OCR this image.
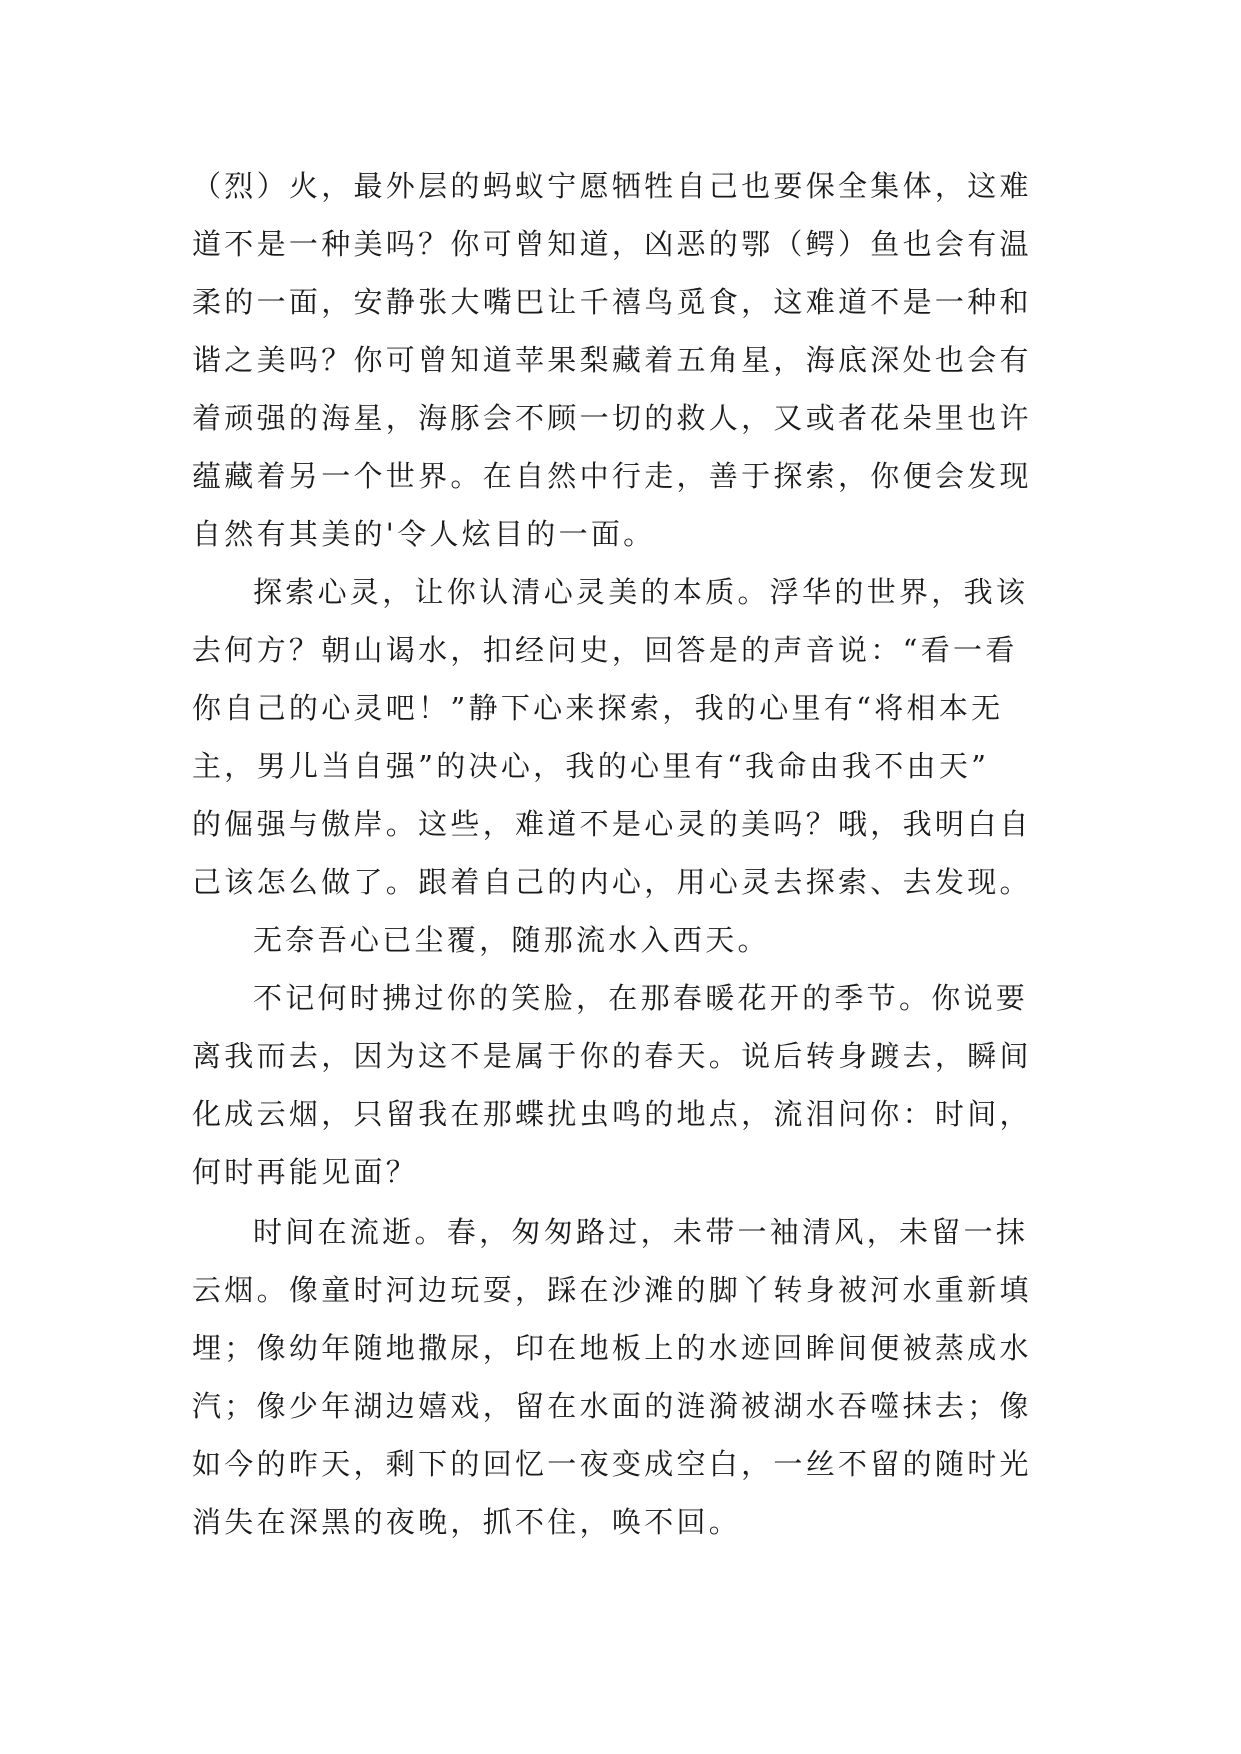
（烈）火，最外层的蚂蚁宁愿牺牲自己也要保全集体，这难

道不是一种美吗？你可曾知道，凶恶的鄂（鳄）鱼也会有温

柔的一面，安静张大嘴巴让千禧鸟觅食，这难道不是一种和

谐之美吗？你可曾知道苹果梨藏着五角星，海底深处也会有

着顽强的海星，海豚会不顾一切的救人，又或者花朵里也许

蕴藏着另一个世界。在自然中行走，善于探索，你便会发现

自然有其美的'令人炫目的一面。

探索心灵，让你认清心灵美的本质。浮华的世界，我该

去何方？朝山谒水，扣经问史，回答是的声音说：“看一看

你自己的心灵吧！”静下心来探索，我的心里有“将相本无

主，男儿当自强”的决心，我的心里有“我命由我不由天”

的倔强与傲岸。这些，难道不是心灵的美吗？哦，我明白自

己该怎么做了。跟着自己的内心，用心灵去探索、去发现。

无奈吾心已尘覆，随那流水入西天。

不记何时拂过你的笑脸，在那春暖花开的季节。你说要

离我而去，因为这不是属于你的春天。说后转身踱去，瞬间

化成云烟，只留我在那蝶扰虫鸣的地点，流泪问你：时间，

何时再能见面？

时间在流逝。春，匆匆路过，未带一袖清风，未留一抹

云烟。像童时河边玩耍，踩在沙滩的脚丫转身被河水重新填

埋；像幼年随地撒尿，印在地板上的水迹回眸间便被蒸成水

汽；像少年湖边嬉戏，留在水面的涟漪被湖水吞噬抹去；像

如今的昨天，剩下的回忆一夜变成空白，一丝不留的随时光

消失在深黑的夜晚，抓不住，唤不回。
